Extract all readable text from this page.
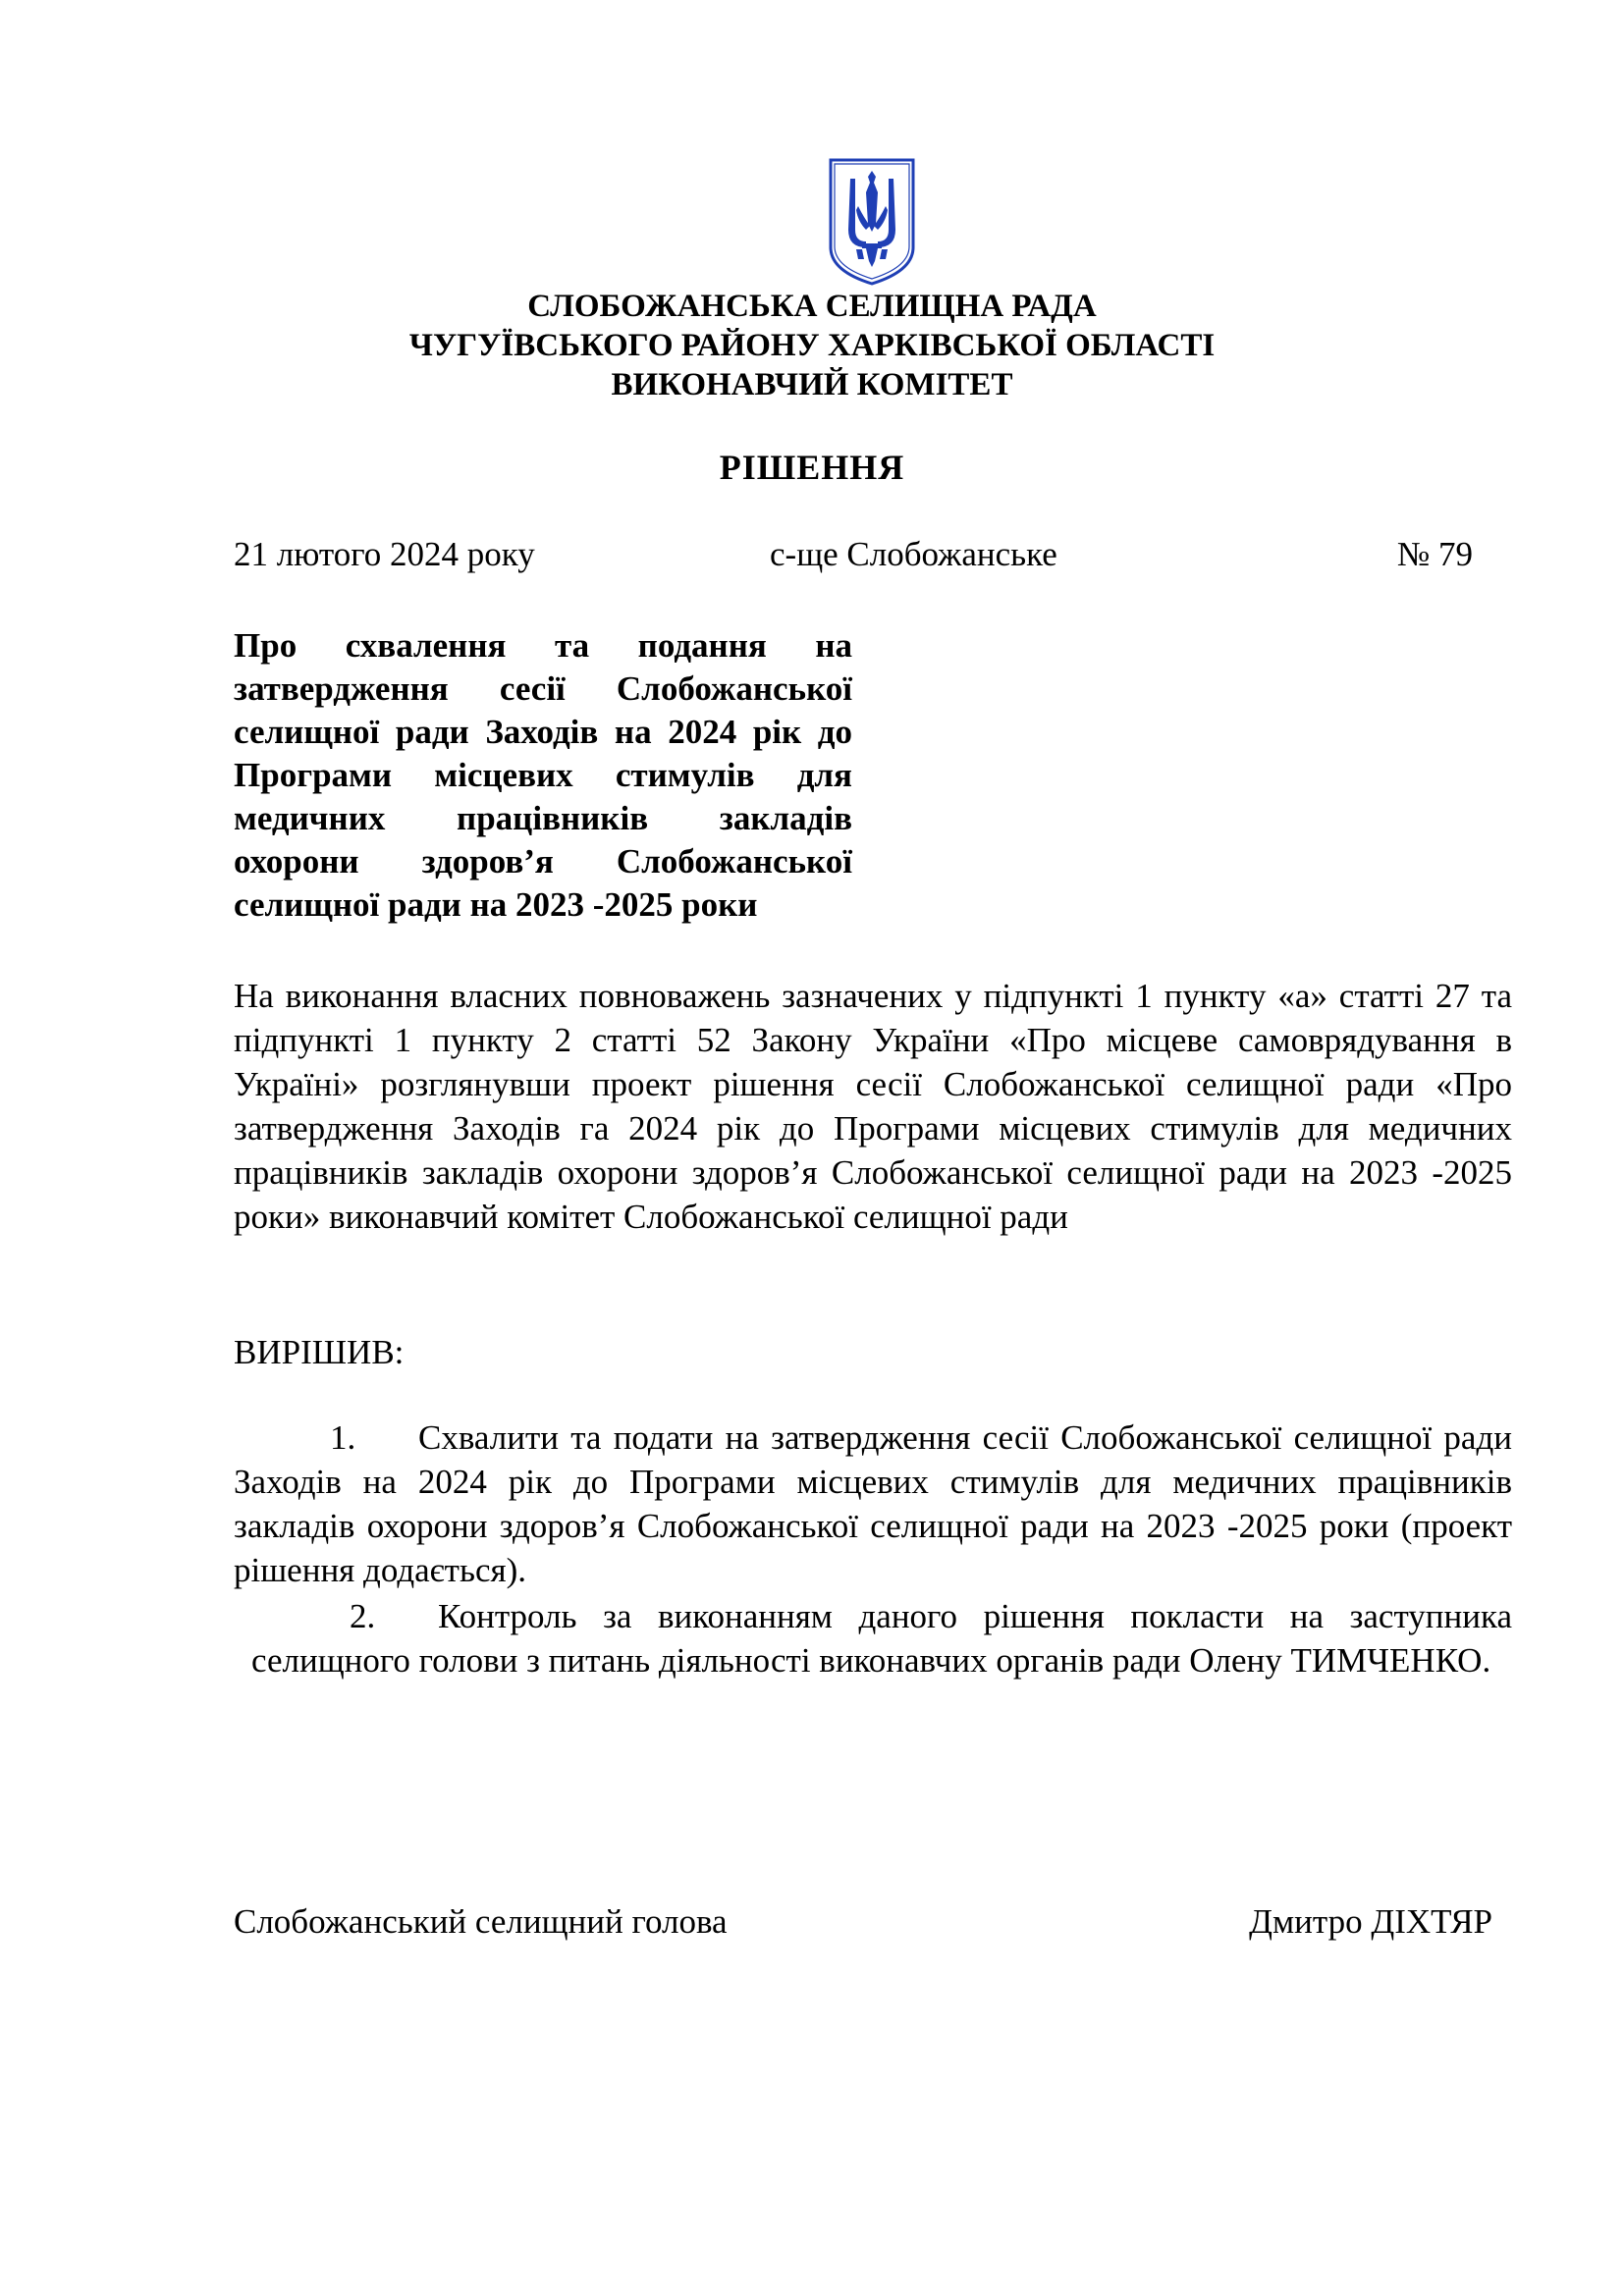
СЛОБОЖАНСЬКА СЕЛИЩНА РАДА
ЧУГУЇВСЬКОГО РАЙОНУ ХАРКІВСЬКОЇ ОБЛАСТІ
ВИКОНАВЧИЙ КОМІТЕТ
РІШЕННЯ
21 лютого 2024 року	с-ще Слобожанське	№ 79
Про схвалення та подання на затвердження сесії Слобожанської селищної ради Заходів на 2024 рік до Програми місцевих стимулів для медичних працівників закладів охорони здоров’я Слобожанської селищної ради на 2023 -2025 роки
На виконання власних повноважень зазначених у підпункті 1 пункту «а» статті 27 та підпункті 1 пункту 2 статті 52 Закону України «Про місцеве самоврядування в Україні» розглянувши проект рішення сесії Слобожанської селищної ради «Про затвердження Заходів га 2024 рік до Програми місцевих стимулів для медичних працівників закладів охорони здоров’я Слобожанської селищної ради на 2023 -2025 роки» виконавчий комітет Слобожанської селищної ради
ВИРІШИВ:
1. Схвалити та подати на затвердження сесії Слобожанської селищної ради Заходів на 2024 рік до Програми місцевих стимулів для медичних працівників закладів охорони здоров’я Слобожанської селищної ради на 2023 -2025 роки (проект рішення додається).
2. Контроль за виконанням даного рішення покласти на заступника селищного голови з питань діяльності виконавчих органів ради Олену ТИМЧЕНКО.
Слобожанський селищний голова	Дмитро ДІХТЯР
